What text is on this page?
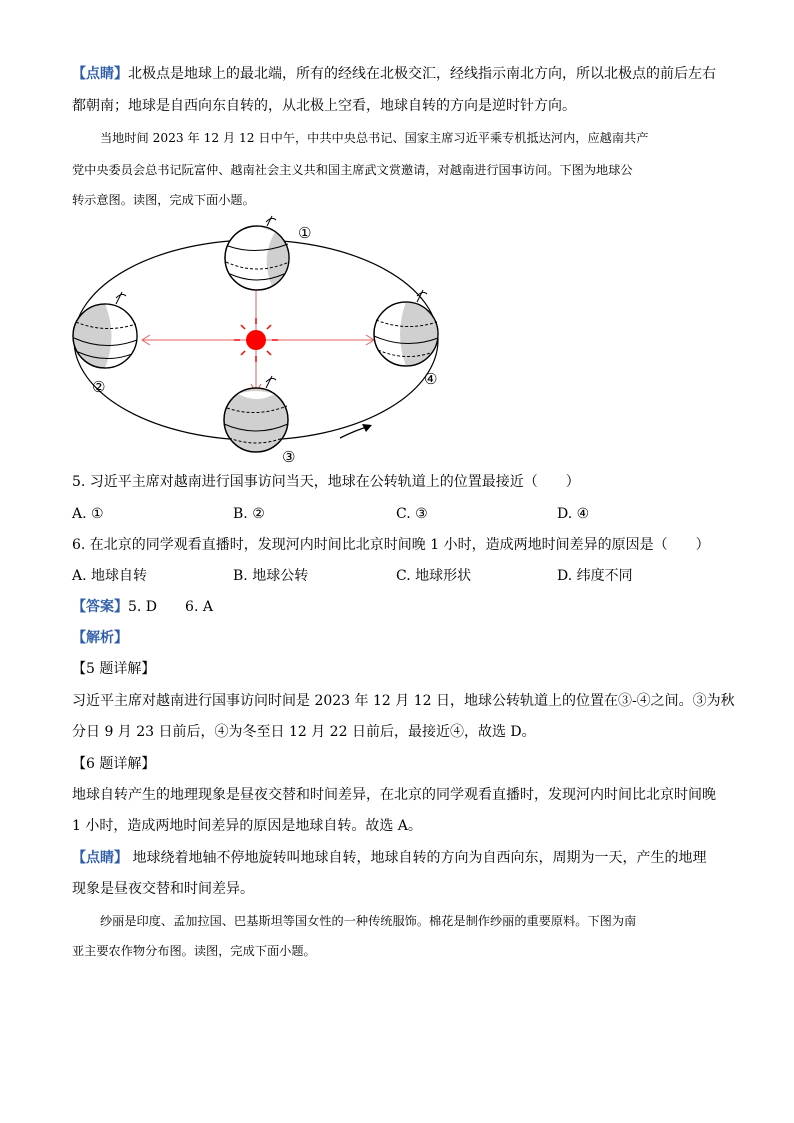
【点睛】北极点是地球上的最北端，所有的经线在北极交汇，经线指示南北方向，所以北极点的前后左右
都朝南；地球是自西向东自转的，从北极上空看，地球自转的方向是逆时针方向。
当地时间 2023 年 12 月 12 日中午，中共中央总书记、国家主席习近平乘专机抵达河内，应越南共产
党中央委员会总书记阮富仲、越南社会主义共和国主席武文赏邀请，对越南进行国事访问。下图为地球公
转示意图。读图，完成下面小题。
①
②	④
③
5. 习近平主席对越南进行国事访问当天，地球在公转轨道上的位置最接近（　　）
A. ①	B. ②	C. ③	D. ④
6. 在北京的同学观看直播时，发现河内时间比北京时间晚 1 小时，造成两地时间差异的原因是（　　）
A. 地球自转	B. 地球公转	C. 地球形状	D. 纬度不同
【答案】5. D　　6. A
【解析】
【5 题详解】
习近平主席对越南进行国事访问时间是 2023 年 12 月 12 日，地球公转轨道上的位置在③-④之间。③为秋
分日 9 月 23 日前后，④为冬至日 12 月 22 日前后，最接近④，故选 D。
【6 题详解】
地球自转产生的地理现象是昼夜交替和时间差异，在北京的同学观看直播时，发现河内时间比北京时间晚
1 小时，造成两地时间差异的原因是地球自转。故选 A。
【点睛】 地球绕着地轴不停地旋转叫地球自转，地球自转的方向为自西向东，周期为一天，产生的地理
现象是昼夜交替和时间差异。
纱丽是印度、孟加拉国、巴基斯坦等国女性的一种传统服饰。棉花是制作纱丽的重要原料。下图为南
亚主要农作物分布图。读图，完成下面小题。
